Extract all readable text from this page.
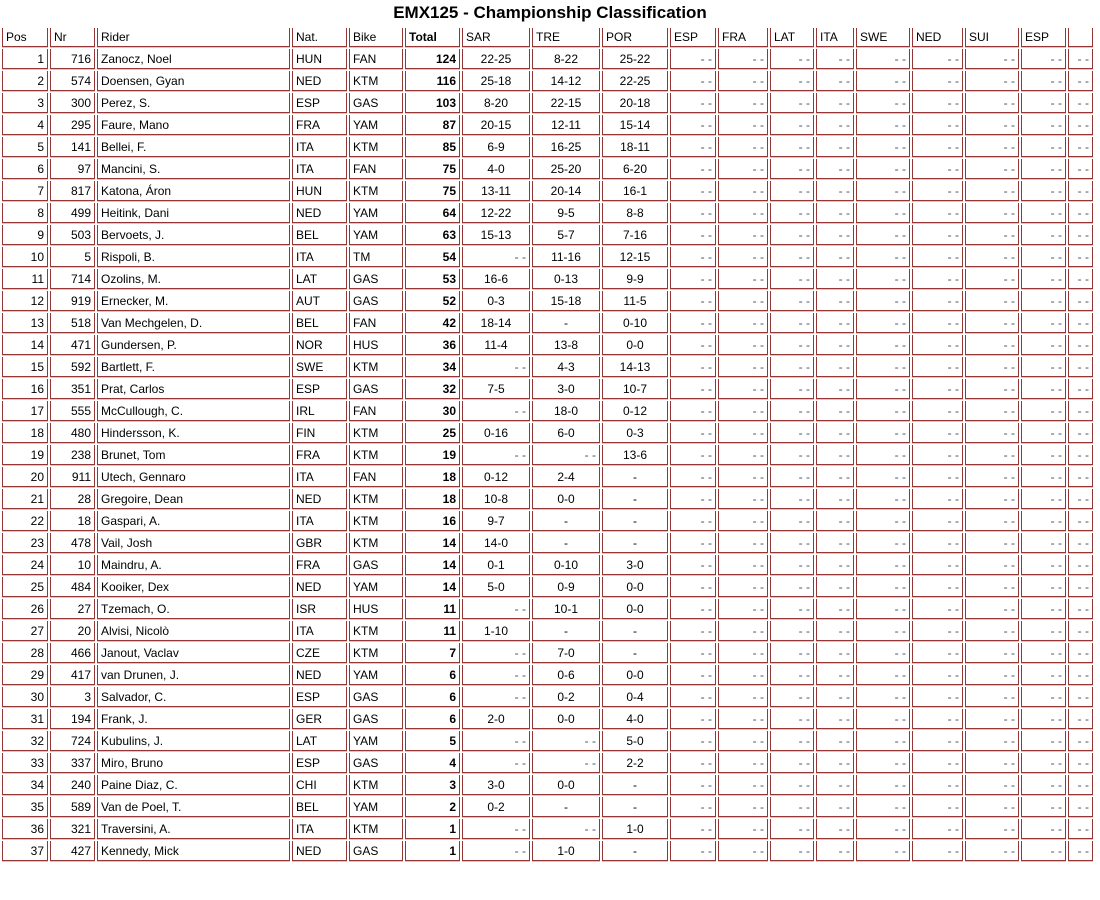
EMX125 - Championship Classification
Pos	Nr	Rider	Nat.	Bike	Total	SAR	TRE	POR	ESP	FRA	LAT	ITA	SWE	NED	SUI	ESP	
1	716	Zanocz, Noel	HUN	FAN	124	22-25	8-22	25-22	- -	- -	- -	- -	- -	- -	- -	- -	- -
2	574	Doensen, Gyan	NED	KTM	116	25-18	14-12	22-25	- -	- -	- -	- -	- -	- -	- -	- -	- -
3	300	Perez, S.	ESP	GAS	103	8-20	22-15	20-18	- -	- -	- -	- -	- -	- -	- -	- -	- -
4	295	Faure, Mano	FRA	YAM	87	20-15	12-11	15-14	- -	- -	- -	- -	- -	- -	- -	- -	- -
5	141	Bellei, F.	ITA	KTM	85	6-9	16-25	18-11	- -	- -	- -	- -	- -	- -	- -	- -	- -
6	97	Mancini, S.	ITA	FAN	75	4-0	25-20	6-20	- -	- -	- -	- -	- -	- -	- -	- -	- -
7	817	Katona, Áron	HUN	KTM	75	13-11	20-14	16-1	- -	- -	- -	- -	- -	- -	- -	- -	- -
8	499	Heitink, Dani	NED	YAM	64	12-22	9-5	8-8	- -	- -	- -	- -	- -	- -	- -	- -	- -
9	503	Bervoets, J.	BEL	YAM	63	15-13	5-7	7-16	- -	- -	- -	- -	- -	- -	- -	- -	- -
10	5	Rispoli, B.	ITA	TM	54	- -	11-16	12-15	- -	- -	- -	- -	- -	- -	- -	- -	- -
11	714	Ozolins, M.	LAT	GAS	53	16-6	0-13	9-9	- -	- -	- -	- -	- -	- -	- -	- -	- -
12	919	Ernecker, M.	AUT	GAS	52	0-3	15-18	11-5	- -	- -	- -	- -	- -	- -	- -	- -	- -
13	518	Van Mechgelen, D.	BEL	FAN	42	18-14	-	0-10	- -	- -	- -	- -	- -	- -	- -	- -	- -
14	471	Gundersen, P.	NOR	HUS	36	11-4	13-8	0-0	- -	- -	- -	- -	- -	- -	- -	- -	- -
15	592	Bartlett, F.	SWE	KTM	34	- -	4-3	14-13	- -	- -	- -	- -	- -	- -	- -	- -	- -
16	351	Prat, Carlos	ESP	GAS	32	7-5	3-0	10-7	- -	- -	- -	- -	- -	- -	- -	- -	- -
17	555	McCullough, C.	IRL	FAN	30	- -	18-0	0-12	- -	- -	- -	- -	- -	- -	- -	- -	- -
18	480	Hindersson, K.	FIN	KTM	25	0-16	6-0	0-3	- -	- -	- -	- -	- -	- -	- -	- -	- -
19	238	Brunet, Tom	FRA	KTM	19	- -	- -	13-6	- -	- -	- -	- -	- -	- -	- -	- -	- -
20	911	Utech, Gennaro	ITA	FAN	18	0-12	2-4	-	- -	- -	- -	- -	- -	- -	- -	- -	- -
21	28	Gregoire, Dean	NED	KTM	18	10-8	0-0	-	- -	- -	- -	- -	- -	- -	- -	- -	- -
22	18	Gaspari, A.	ITA	KTM	16	9-7	-	-	- -	- -	- -	- -	- -	- -	- -	- -	- -
23	478	Vail, Josh	GBR	KTM	14	14-0	-	-	- -	- -	- -	- -	- -	- -	- -	- -	- -
24	10	Maindru, A.	FRA	GAS	14	0-1	0-10	3-0	- -	- -	- -	- -	- -	- -	- -	- -	- -
25	484	Kooiker, Dex	NED	YAM	14	5-0	0-9	0-0	- -	- -	- -	- -	- -	- -	- -	- -	- -
26	27	Tzemach, O.	ISR	HUS	11	- -	10-1	0-0	- -	- -	- -	- -	- -	- -	- -	- -	- -
27	20	Alvisi, Nicolò	ITA	KTM	11	1-10	-	-	- -	- -	- -	- -	- -	- -	- -	- -	- -
28	466	Janout, Vaclav	CZE	KTM	7	- -	7-0	-	- -	- -	- -	- -	- -	- -	- -	- -	- -
29	417	van Drunen, J.	NED	YAM	6	- -	0-6	0-0	- -	- -	- -	- -	- -	- -	- -	- -	- -
30	3	Salvador, C.	ESP	GAS	6	- -	0-2	0-4	- -	- -	- -	- -	- -	- -	- -	- -	- -
31	194	Frank, J.	GER	GAS	6	2-0	0-0	4-0	- -	- -	- -	- -	- -	- -	- -	- -	- -
32	724	Kubulins, J.	LAT	YAM	5	- -	- -	5-0	- -	- -	- -	- -	- -	- -	- -	- -	- -
33	337	Miro, Bruno	ESP	GAS	4	- -	- -	2-2	- -	- -	- -	- -	- -	- -	- -	- -	- -
34	240	Paine Diaz, C.	CHI	KTM	3	3-0	0-0	-	- -	- -	- -	- -	- -	- -	- -	- -	- -
35	589	Van de Poel, T.	BEL	YAM	2	0-2	-	-	- -	- -	- -	- -	- -	- -	- -	- -	- -
36	321	Traversini, A.	ITA	KTM	1	- -	- -	1-0	- -	- -	- -	- -	- -	- -	- -	- -	- -
37	427	Kennedy, Mick	NED	GAS	1	- -	1-0	-	- -	- -	- -	- -	- -	- -	- -	- -	- -
